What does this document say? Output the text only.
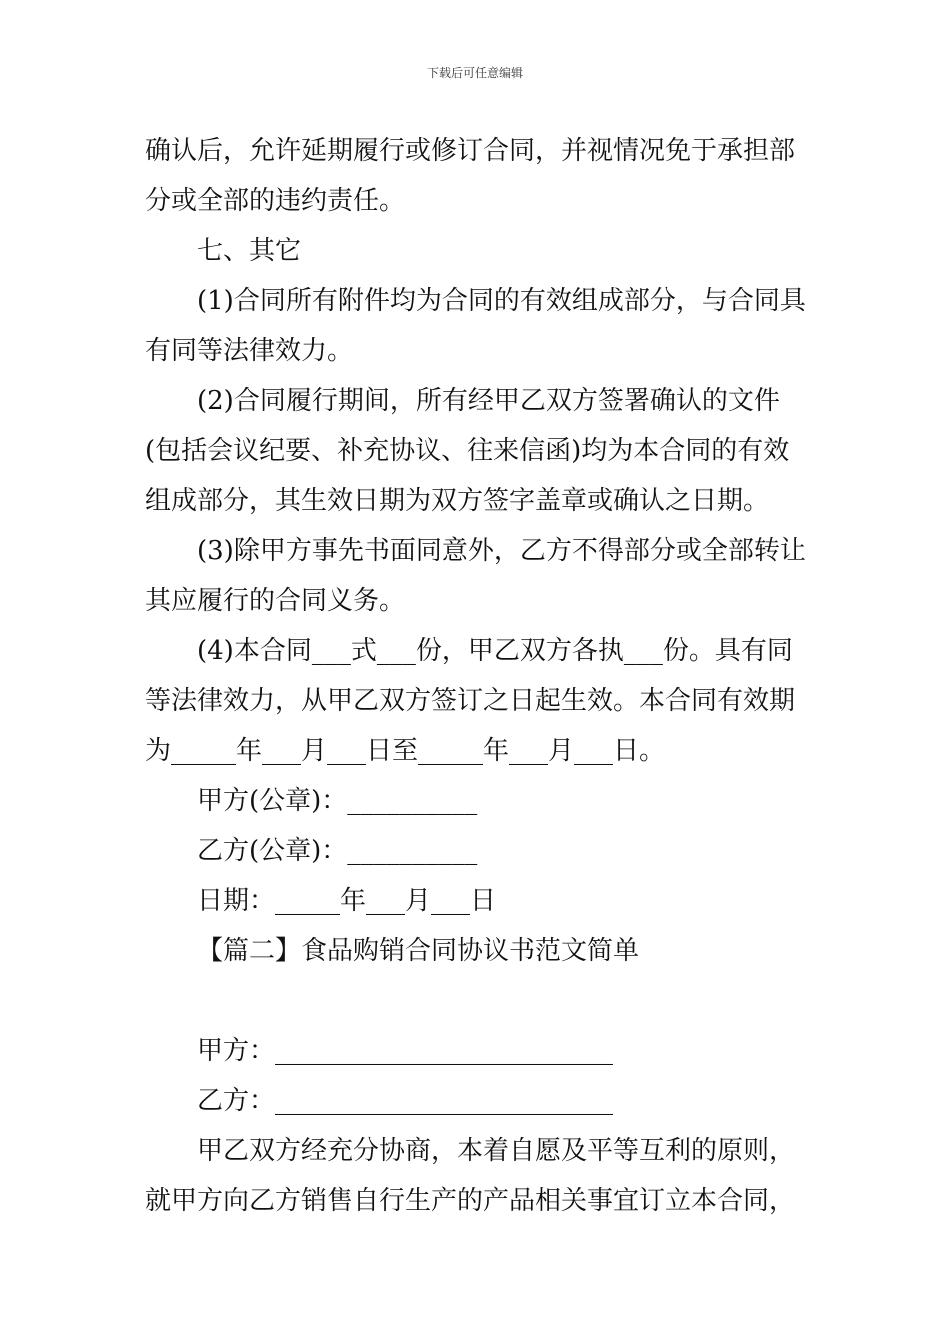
下载后可任意编辑
确认后，允许延期履行或修订合同，并视情况免于承担部
分或全部的违约责任。
七、其它
(1)合同所有附件均为合同的有效组成部分，与合同具
有同等法律效力。
(2)合同履行期间，所有经甲乙双方签署确认的文件
(包括会议纪要、补充协议、往来信函)均为本合同的有效
组成部分，其生效日期为双方签字盖章或确认之日期。
(3)除甲方事先书面同意外，乙方不得部分或全部转让
其应履行的合同义务。
(4)本合同___式___份，甲乙双方各执___份。具有同
等法律效力，从甲乙双方签订之日起生效。本合同有效期
为_____年___月___日至_____年___月___日。
甲方(公章)：__________
乙方(公章)：__________
日期：_____年___月___日
【篇二】食品购销合同协议书范文简单
甲方：__________________________
乙方：__________________________
甲乙双方经充分协商，本着自愿及平等互利的原则，
就甲方向乙方销售自行生产的产品相关事宜订立本合同，
